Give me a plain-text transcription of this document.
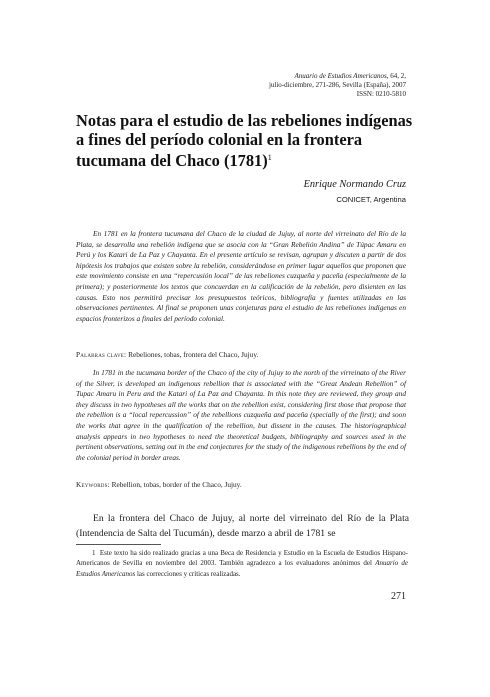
Anuario de Estudios Americanos, 64, 2,
julio-diciembre, 271-286, Sevilla (España), 2007
ISSN: 0210-5810
Notas para el estudio de las rebeliones indígenas a fines del período colonial en la frontera tucumana del Chaco $(1781)^1$
Enrique Normando Cruz
CONICET, Argentina

En 1781 en la frontera tucumana del Chaco de la ciudad de Jujuy, al norte del virreinato del Río de la Plata, se desarrolla una rebelión indígena que se asocia con la “Gran Rebelión Andina” de Túpac Amaru en Perú y los Katari de La Paz y Chayanta. En el presente artículo se revisan, agrupan y discuten a partir de dos hipótesis los trabajos que existen sobre la rebelión, considerándose en primer lugar aquellos que proponen que este movimiento consiste en una “repercusión local” de las rebeliones cuzqueña y paceña (especialmente de la primera); y posteriormente los textos que concuerdan en la calificación de la rebelión, pero disienten en las causas. Esto nos permitirá precisar los presupuestos teóricos, bibliografía y fuentes utilizadas en las observaciones pertinentes. Al final se proponen unas conjeturas para el estudio de las rebeliones indígenas en espacios fronterizos a finales del período colonial.

Palabras clave: Rebeliones, tobas, frontera del Chaco, Jujuy.

In 1781 in the tucumana border of the Chaco of the city of Jujuy to the north of the virreinato of the River of the Silver, is developed an indigenous rebellion that is associated with the “Great Andean Rebellion” of Tupac Amaru in Peru and the Katari of La Paz and Chayanta. In this note they are reviewed, they group and they discuss in two hypotheses all the works that on the rebellion exist, considering first those that propose that the rebellion is a “local repercussion” of the rebellions cuzqueña and paceña (specially of the first); and soon the works that agree in the qualification of the rebellion, but dissent in the causes. The historiographical analysis appears in two hypotheses to need the theoretical budgets, bibliography and sources used in the pertinent observations, setting out in the end conjectures for the study of the indigenous rebellions by the end of the colonial period in border areas.

Keywords: Rebellion, tobas, border of the Chaco, Jujuy.

En la frontera del Chaco de Jujuy, al norte del virreinato del Río de la Plata (Intendencia de Salta del Tucumán), desde marzo a abril de 1781 se

1 Este texto ha sido realizado gracias a una Beca de Residencia y Estudio en la Escuela de Estudios Hispano-Americanos de Sevilla en noviembre del 2003. También agradezco a los evaluadores anónimos del Anuario de Estudios Americanos las correcciones y críticas realizadas.

271
